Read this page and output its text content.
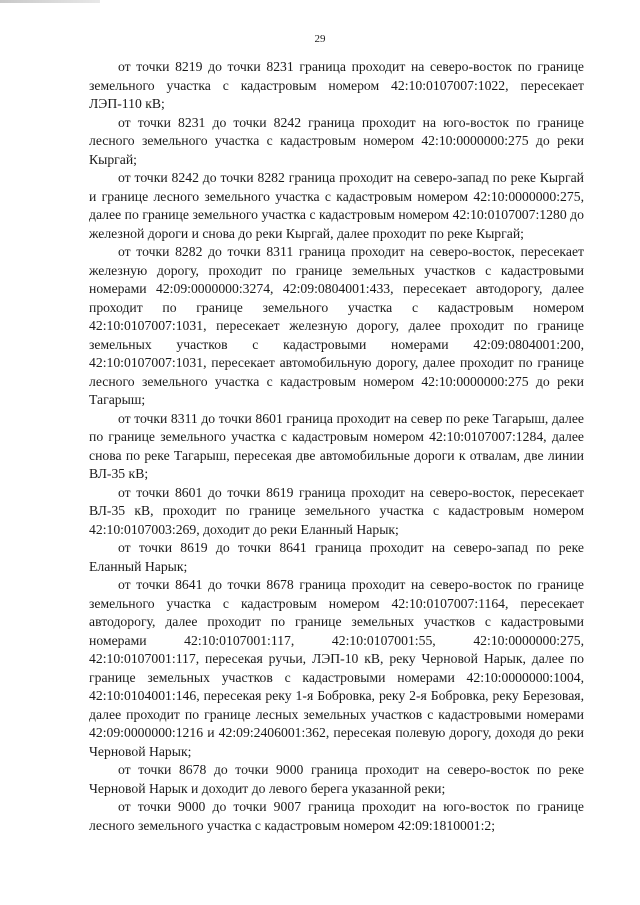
29

от точки 8219 до точки 8231 граница проходит на северо-восток по границе земельного участка с кадастровым номером 42:10:0107007:1022, пересекает ЛЭП-110 кВ;

от точки 8231 до точки 8242 граница проходит на юго-восток по границе лесного земельного участка с кадастровым номером 42:10:0000000:275 до реки Кыргай;

от точки 8242 до точки 8282 граница проходит на северо-запад по реке Кыргай и границе лесного земельного участка с кадастровым номером 42:10:0000000:275, далее по границе земельного участка с кадастровым номером 42:10:0107007:1280 до железной дороги и снова до реки Кыргай, далее проходит по реке Кыргай;

от точки 8282 до точки 8311 граница проходит на северо-восток, пересекает железную дорогу, проходит по границе земельных участков с кадастровыми номерами 42:09:0000000:3274, 42:09:0804001:433, пересекает автодорогу, далее проходит по границе земельного участка с кадастровым номером 42:10:0107007:1031, пересекает железную дорогу, далее проходит по границе земельных участков с кадастровыми номерами 42:09:0804001:200, 42:10:0107007:1031, пересекает автомобильную дорогу, далее проходит по границе лесного земельного участка с кадастровым номером 42:10:0000000:275 до реки Тагарыш;

от точки 8311 до точки 8601 граница проходит на север по реке Тагарыш, далее по границе земельного участка с кадастровым номером 42:10:0107007:1284, далее снова по реке Тагарыш, пересекая две автомобильные дороги к отвалам, две линии ВЛ-35 кВ;

от точки 8601 до точки 8619 граница проходит на северо-восток, пересекает ВЛ-35 кВ, проходит по границе земельного участка с кадастровым номером 42:10:0107003:269, доходит до реки Еланный Нарык;

от точки 8619 до точки 8641 граница проходит на северо-запад по реке Еланный Нарык;

от точки 8641 до точки 8678 граница проходит на северо-восток по границе земельного участка с кадастровым номером 42:10:0107007:1164, пересекает автодорогу, далее проходит по границе земельных участков с кадастровыми номерами 42:10:0107001:117, 42:10:0107001:55, 42:10:0000000:275, 42:10:0107001:117, пересекая ручьи, ЛЭП-10 кВ, реку Черновой Нарык, далее по границе земельных участков с кадастровыми номерами 42:10:0000000:1004, 42:10:0104001:146, пересекая реку 1-я Бобровка, реку 2-я Бобровка, реку Березовая, далее проходит по границе лесных земельных участков с кадастровыми номерами 42:09:0000000:1216 и 42:09:2406001:362, пересекая полевую дорогу, доходя до реки Черновой Нарык;

от точки 8678 до точки 9000 граница проходит на северо-восток по реке Черновой Нарык и доходит до левого берега указанной реки;

от точки 9000 до точки 9007 граница проходит на юго-восток по границе лесного земельного участка с кадастровым номером 42:09:1810001:2;
